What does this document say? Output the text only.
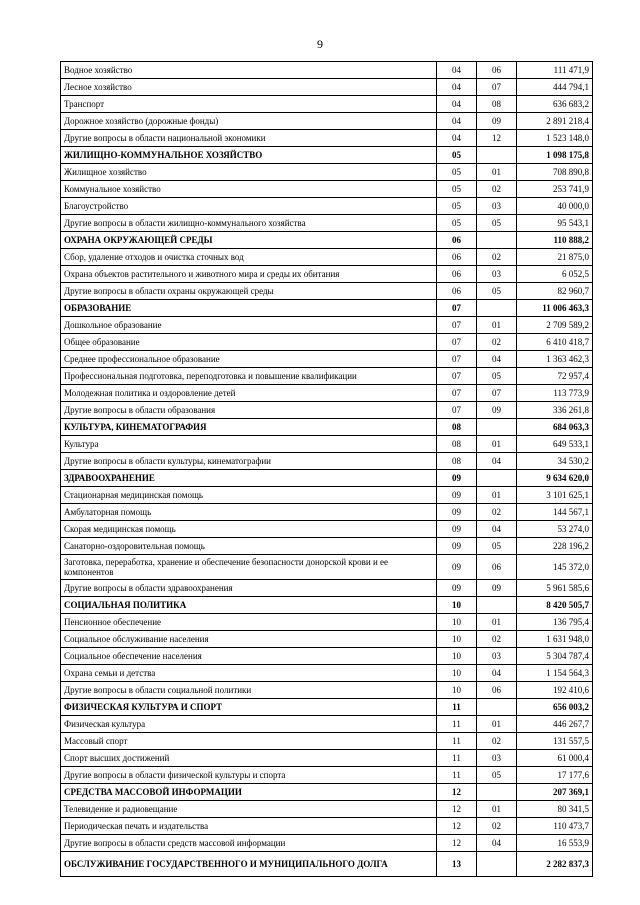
9
Водное хозяйство	04	06	111 471,9
Лесное хозяйство	04	07	444 794,1
Транспорт	04	08	636 683,2
Дорожное хозяйство (дорожные фонды)	04	09	2 891 218,4
Другие вопросы в области национальной экономики	04	12	1 523 148,0
ЖИЛИЩНО-КОММУНАЛЬНОЕ ХОЗЯЙСТВО	05		1 098 175,8
Жилищное хозяйство	05	01	708 890,8
Коммунальное хозяйство	05	02	253 741,9
Благоустройство	05	03	40 000,0
Другие вопросы в области жилищно-коммунального хозяйства	05	05	95 543,1
ОХРАНА ОКРУЖАЮЩЕЙ СРЕДЫ	06		110 888,2
Сбор, удаление отходов и очистка сточных вод	06	02	21 875,0
Охрана объектов растительного и животного мира и среды их обитания	06	03	6 052,5
Другие вопросы в области охраны окружающей среды	06	05	82 960,7
ОБРАЗОВАНИЕ	07		11 006 463,3
Дошкольное образование	07	01	2 709 589,2
Общее образование	07	02	6 410 418,7
Среднее профессиональное образование	07	04	1 363 462,3
Профессиональная подготовка, переподготовка и повышение квалификации	07	05	72 957,4
Молодежная политика и оздоровление детей	07	07	113 773,9
Другие вопросы в области образования	07	09	336 261,8
КУЛЬТУРА, КИНЕМАТОГРАФИЯ	08		684 063,3
Культура	08	01	649 533,1
Другие вопросы в области культуры, кинематографии	08	04	34 530,2
ЗДРАВООХРАНЕНИЕ	09		9 634 620,0
Стационарная медицинская помощь	09	01	3 101 625,1
Амбулаторная помощь	09	02	144 567,1
Скорая медицинская помощь	09	04	53 274,0
Санаторно-оздоровительная помощь	09	05	228 196,2
Заготовка, переработка, хранение и обеспечение безопасности донорской крови и ее компонентов	09	06	145 372,0
Другие вопросы в области здравоохранения	09	09	5 961 585,6
СОЦИАЛЬНАЯ ПОЛИТИКА	10		8 420 505,7
Пенсионное обеспечение	10	01	136 795,4
Социальное обслуживание населения	10	02	1 631 948,0
Социальное обеспечение населения	10	03	5 304 787,4
Охрана семьи и детства	10	04	1 154 564,3
Другие вопросы в области социальной политики	10	06	192 410,6
ФИЗИЧЕСКАЯ КУЛЬТУРА И СПОРТ	11		656 003,2
Физическая культура	11	01	446 267,7
Массовый спорт	11	02	131 557,5
Спорт высших достижений	11	03	61 000,4
Другие вопросы в области физической культуры и спорта	11	05	17 177,6
СРЕДСТВА МАССОВОЙ ИНФОРМАЦИИ	12		207 369,1
Телевидение и радиовещание	12	01	80 341,5
Периодическая печать и издательства	12	02	110 473,7
Другие вопросы в области средств массовой информации	12	04	16 553,9
ОБСЛУЖИВАНИЕ ГОСУДАРСТВЕННОГО И МУНИЦИПАЛЬНОГО ДОЛГА	13		2 282 837,3
